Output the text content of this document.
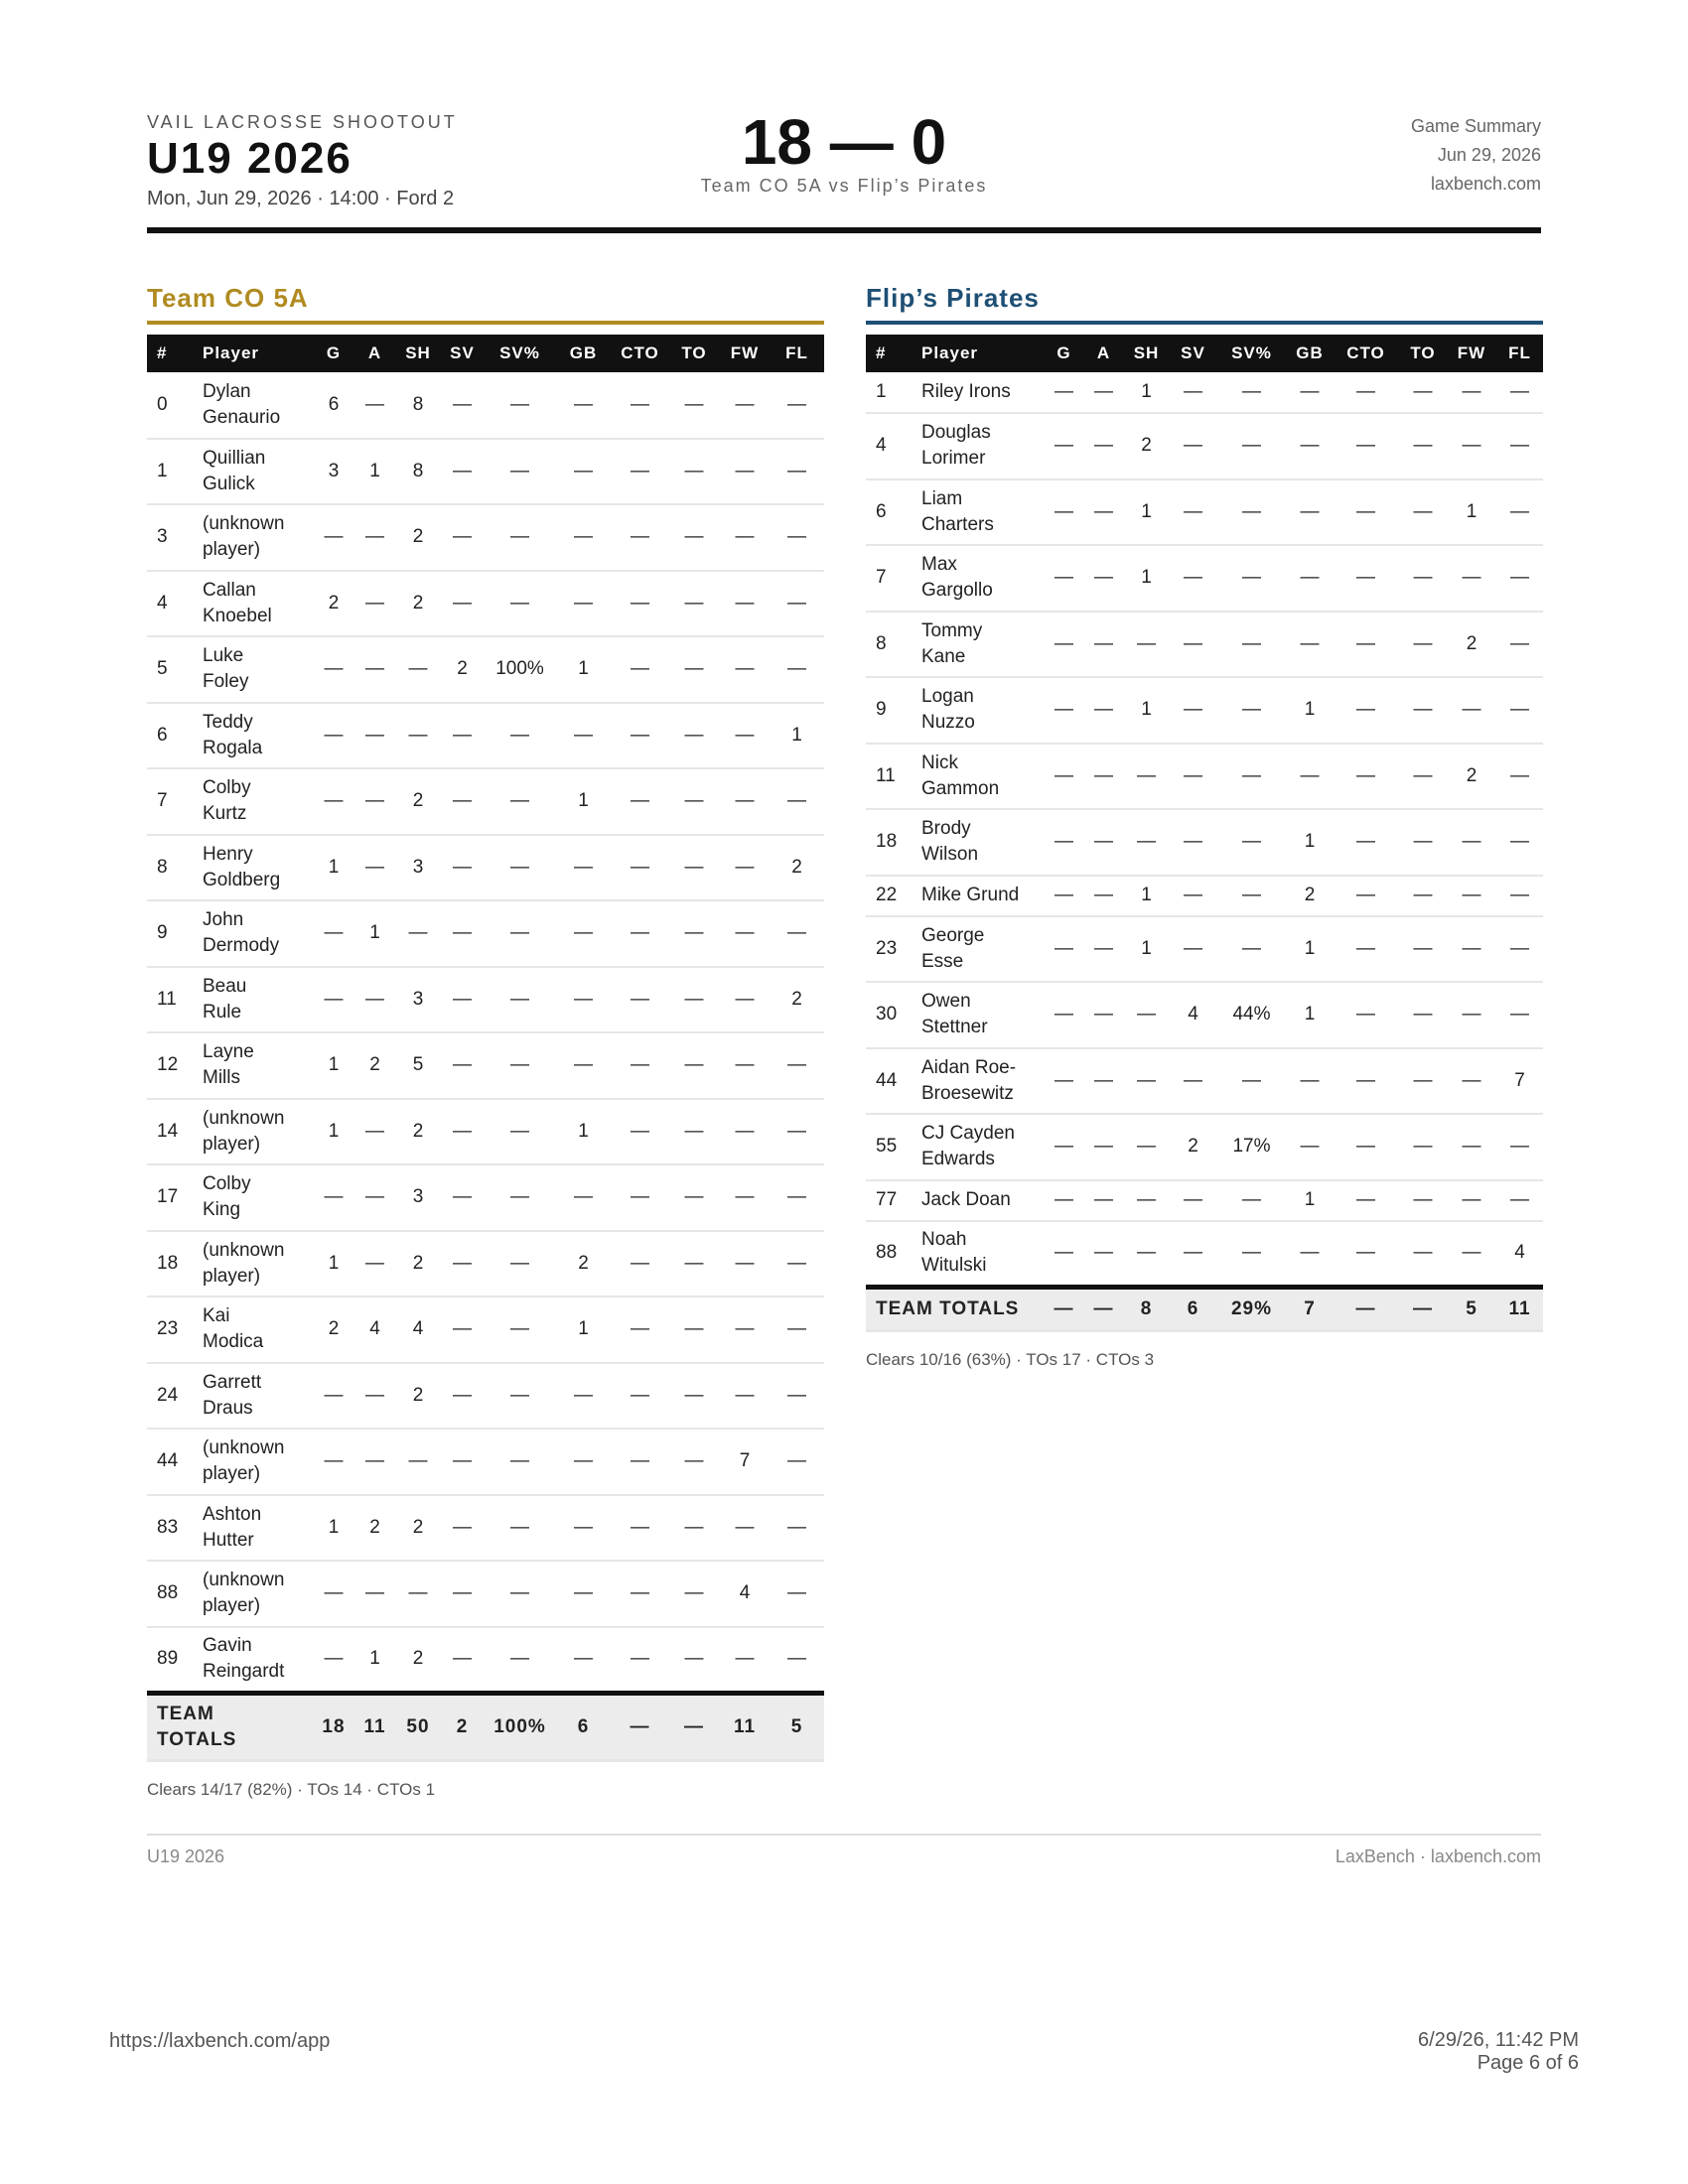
VAIL LACROSSE SHOOTOUT
U19 2026
Mon, Jun 29, 2026 · 14:00 · Ford 2
18 — 0
Team CO 5A vs Flip’s Pirates
Game Summary
Jun 29, 2026
laxbench.com
Team CO 5A
#	Player	G	A	SH	SV	SV%	GB	CTO	TO	FW	FL
0	Dylan
Genaurio	6	—	8	—	—	—	—	—	—	—
1	Quillian
Gulick	3	1	8	—	—	—	—	—	—	—
3	(unknown
player)	—	—	2	—	—	—	—	—	—	—
4	Callan
Knoebel	2	—	2	—	—	—	—	—	—	—
5	Luke
Foley	—	—	—	2	100%	1	—	—	—	—
6	Teddy
Rogala	—	—	—	—	—	—	—	—	—	1
7	Colby
Kurtz	—	—	2	—	—	1	—	—	—	—
8	Henry
Goldberg	1	—	3	—	—	—	—	—	—	2
9	John
Dermody	—	1	—	—	—	—	—	—	—	—
11	Beau
Rule	—	—	3	—	—	—	—	—	—	2
12	Layne
Mills	1	2	5	—	—	—	—	—	—	—
14	(unknown
player)	1	—	2	—	—	1	—	—	—	—
17	Colby
King	—	—	3	—	—	—	—	—	—	—
18	(unknown
player)	1	—	2	—	—	2	—	—	—	—
23	Kai
Modica	2	4	4	—	—	1	—	—	—	—
24	Garrett
Draus	—	—	2	—	—	—	—	—	—	—
44	(unknown
player)	—	—	—	—	—	—	—	—	7	—
83	Ashton
Hutter	1	2	2	—	—	—	—	—	—	—
88	(unknown
player)	—	—	—	—	—	—	—	—	4	—
89	Gavin
Reingardt	—	1	2	—	—	—	—	—	—	—

TEAM
TOTALS		18	11	50	2	100%	6	—	—	11	5
Clears 14/17 (82%) · TOs 14 · CTOs 1
Flip’s Pirates
#	Player	G	A	SH	SV	SV%	GB	CTO	TO	FW	FL
1	Riley Irons	—	—	1	—	—	—	—	—	—	—
4	Douglas
Lorimer	—	—	2	—	—	—	—	—	—	—
6	Liam
Charters	—	—	1	—	—	—	—	—	1	—
7	Max
Gargollo	—	—	1	—	—	—	—	—	—	—
8	Tommy
Kane	—	—	—	—	—	—	—	—	2	—
9	Logan
Nuzzo	—	—	1	—	—	1	—	—	—	—
11	Nick
Gammon	—	—	—	—	—	—	—	—	2	—
18	Brody
Wilson	—	—	—	—	—	1	—	—	—	—
22	Mike Grund	—	—	1	—	—	2	—	—	—	—
23	George
Esse	—	—	1	—	—	1	—	—	—	—
30	Owen
Stettner	—	—	—	4	44%	1	—	—	—	—
44	Aidan Roe-
Broesewitz	—	—	—	—	—	—	—	—	—	7
55	CJ Cayden
Edwards	—	—	—	2	17%	—	—	—	—	—
77	Jack Doan	—	—	—	—	—	1	—	—	—	—
88	Noah
Witulski	—	—	—	—	—	—	—	—	—	4

TEAM TOTALS		—	—	8	6	29%	7	—	—	5	11
Clears 10/16 (63%) · TOs 17 · CTOs 3
U19 2026	LaxBench · laxbench.com
https://laxbench.com/app	6/29/26, 11:42 PM
Page 6 of 6
